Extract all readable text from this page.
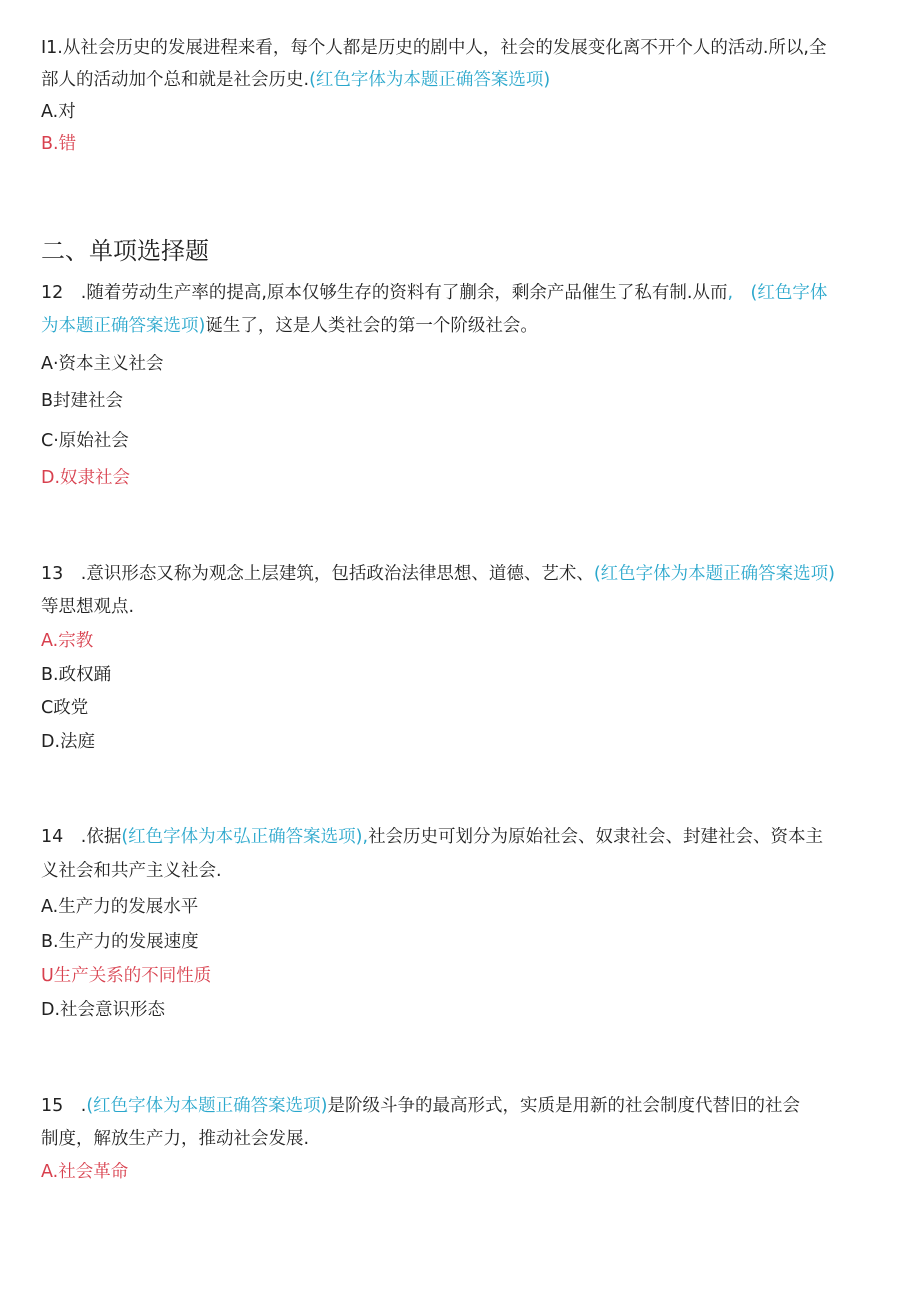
I1.从社会历史的发展进程来看，每个人都是历史的剧中人，社会的发展变化离不开个人的活动.所以,全
部人的活动加个总和就是社会历史.(红色字体为本题正确答案选项)
A.对
B.错
二、单项选择题
12　.随着劳动生产率的提高,原本仅够生存的资料有了蒯余，剩余产品催生了私有制.从而,　(红色字体
为本题正确答案选项)诞生了，这是人类社会的第一个阶级社会。
A·资本主义社会
B封建社会
C·原始社会
D.奴隶社会
13　.意识形态又称为观念上层建筑，包括政治法律思想、道德、艺术、(红色字体为本题正确答案选项)
等思想观点.
A.宗教
B.政权踊
C政党
D.法庭
14　.依据(红色字体为本弘正确答案选项),社会历史可划分为原始社会、奴隶社会、封建社会、资本主
义社会和共产主义社会.
A.生产力的发展水平
B.生产力的发展速度
U生产关系的不同性质
D.社会意识形态
15　.(红色字体为本题正确答案选项)是阶级斗争的最高形式，实质是用新的社会制度代替旧的社会
制度，解放生产力，推动社会发展.
A.社会革命
